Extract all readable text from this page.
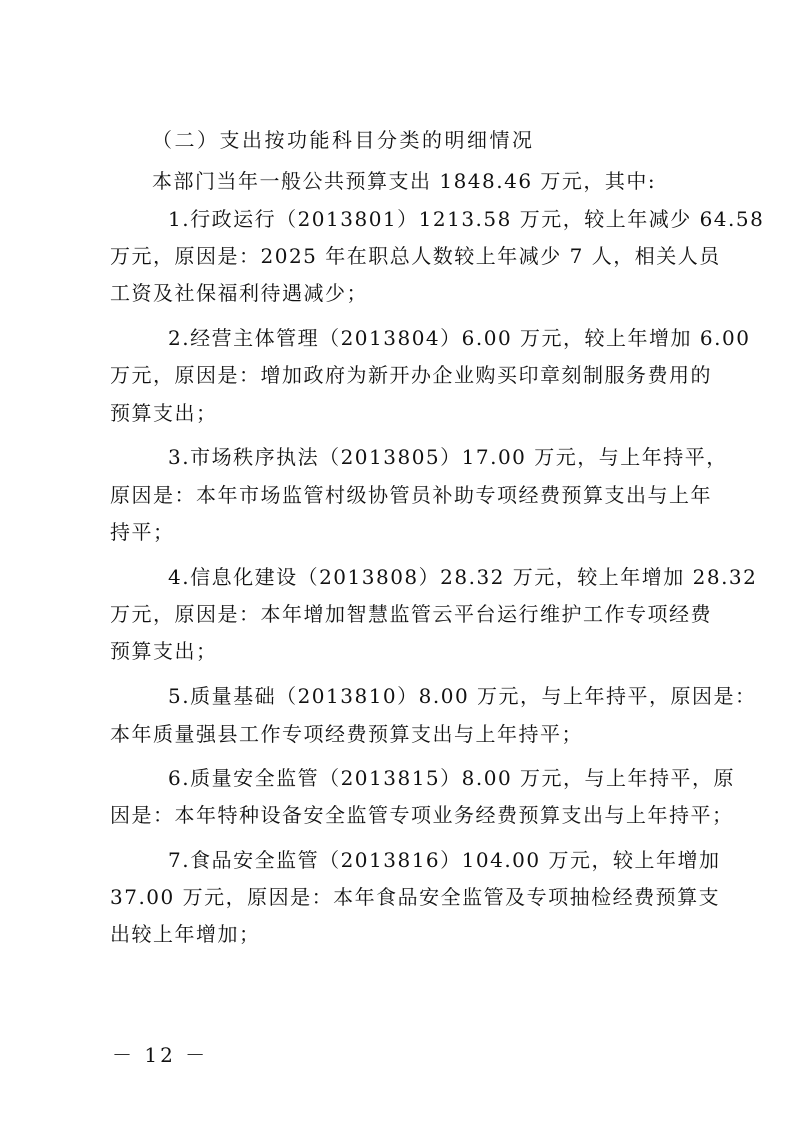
（二）支出按功能科目分类的明细情况
本部门当年一般公共预算支出 1848.46 万元，其中:
1.行政运行（2013801）1213.58 万元，较上年减少 64.58
万元，原因是：2025 年在职总人数较上年减少 7 人，相关人员
工资及社保福利待遇减少；
2.经营主体管理（2013804）6.00 万元，较上年增加 6.00
万元，原因是：增加政府为新开办企业购买印章刻制服务费用的
预算支出；
3.市场秩序执法（2013805）17.00 万元，与上年持平，
原因是：本年市场监管村级协管员补助专项经费预算支出与上年
持平；
4.信息化建设（2013808）28.32 万元，较上年增加 28.32
万元，原因是：本年增加智慧监管云平台运行维护工作专项经费
预算支出；
5.质量基础（2013810）8.00 万元，与上年持平，原因是：
本年质量强县工作专项经费预算支出与上年持平；
6.质量安全监管（2013815）8.00 万元，与上年持平，原
因是：本年特种设备安全监管专项业务经费预算支出与上年持平；
7.食品安全监管（2013816）104.00 万元，较上年增加
37.00 万元，原因是：本年食品安全监管及专项抽检经费预算支
出较上年增加；
－ 12 －
